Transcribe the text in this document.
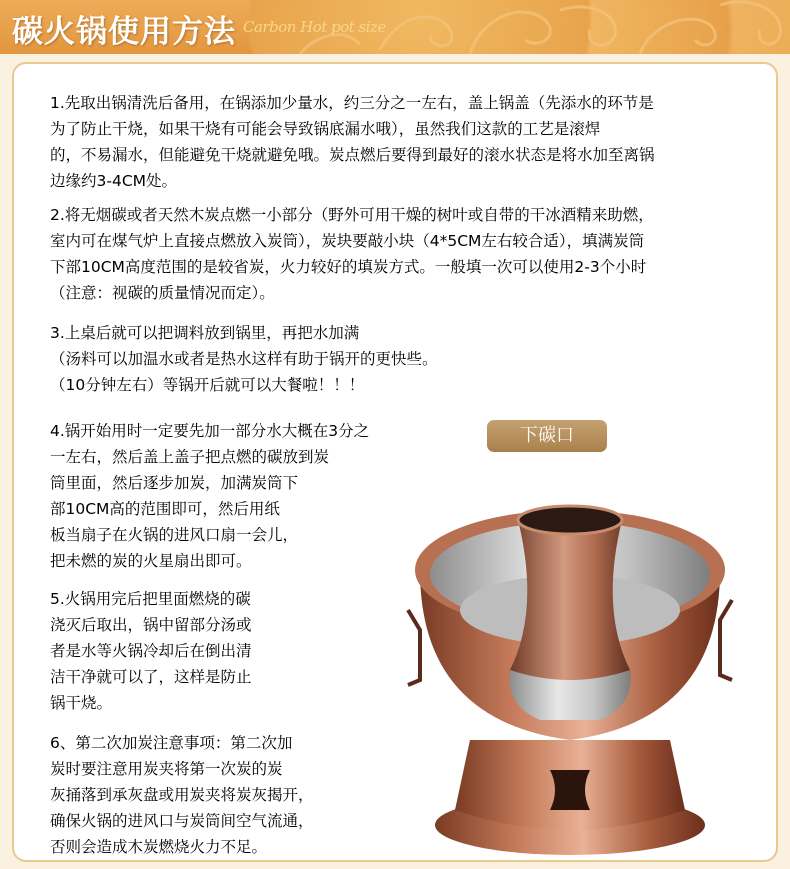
碳火锅使用方法 Carbon Hot pot size
1.先取出锅清洗后备用，在锅添加少量水，约三分之一左右，盖上锅盖（先添水的环节是
为了防止干烧，如果干烧有可能会导致锅底漏水哦），虽然我们这款的工艺是滚焊
的，不易漏水，但能避免干烧就避免哦。炭点燃后要得到最好的滚水状态是将水加至离锅
边缘约3-4CM处。
2.将无烟碳或者天然木炭点燃一小部分（野外可用干燥的树叶或自带的干冰酒精来助燃，
室内可在煤气炉上直接点燃放入炭筒），炭块要敲小块（4*5CM左右较合适），填满炭筒
下部10CM高度范围的是较省炭，火力较好的填炭方式。一般填一次可以使用2-3个小时
（注意：视碳的质量情况而定）。
3.上桌后就可以把调料放到锅里，再把水加满
（汤料可以加温水或者是热水这样有助于锅开的更快些。
（10分钟左右）等锅开后就可以大餐啦！！！
4.锅开始用时一定要先加一部分水大概在3分之
一左右，然后盖上盖子把点燃的碳放到炭
筒里面，然后逐步加炭，加满炭筒下
部10CM高的范围即可，然后用纸
板当扇子在火锅的进风口扇一会儿，
把未燃的炭的火星扇出即可。
5.火锅用完后把里面燃烧的碳
浇灭后取出，锅中留部分汤或
者是水等火锅冷却后在倒出清
洁干净就可以了，这样是防止
锅干烧。
6、第二次加炭注意事项：第二次加
炭时要注意用炭夹将第一次炭的炭
灰捅落到承灰盘或用炭夹将炭灰揭开，
确保火锅的进风口与炭筒间空气流通，
否则会造成木炭燃烧火力不足。
下碳口
